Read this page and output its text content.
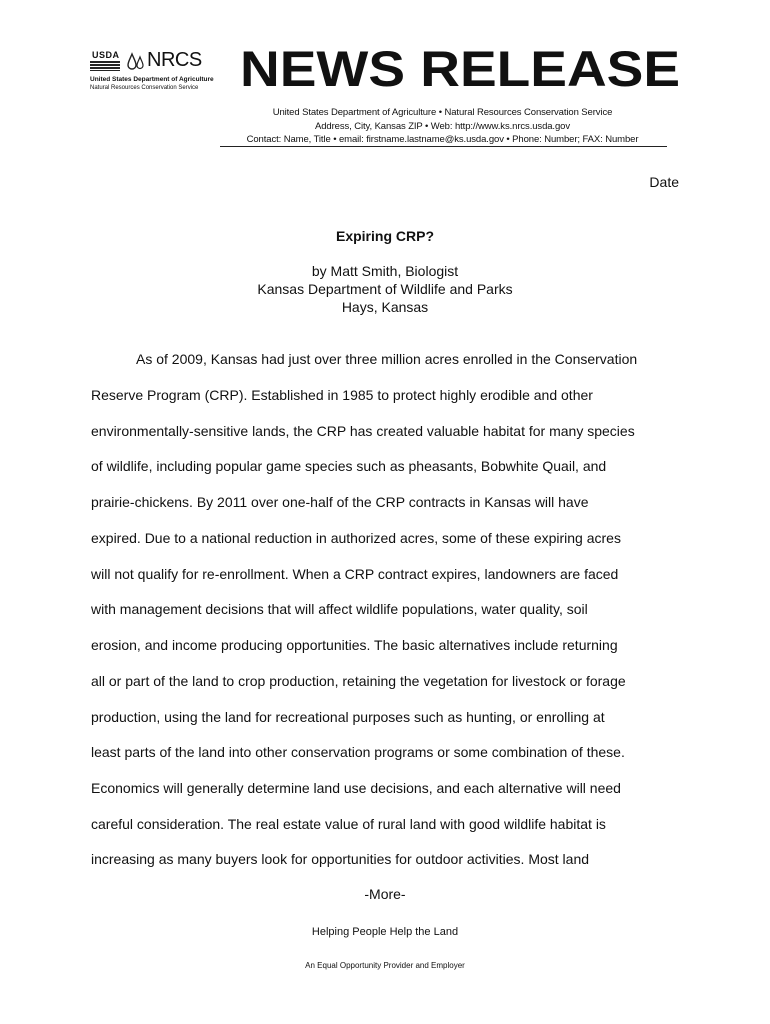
USDA NRCS
United States Department of Agriculture
Natural Resources Conservation Service NEWS RELEASE
United States Department of Agriculture • Natural Resources Conservation Service
Address, City, Kansas ZIP • Web: http://www.ks.nrcs.usda.gov
Contact: Name, Title • email: firstname.lastname@ks.usda.gov • Phone: Number; FAX: Number
Date
Expiring CRP?
by Matt Smith, Biologist
Kansas Department of Wildlife and Parks
Hays, Kansas
As of 2009, Kansas had just over three million acres enrolled in the Conservation
Reserve Program (CRP). Established in 1985 to protect highly erodible and other
environmentally-sensitive lands, the CRP has created valuable habitat for many species
of wildlife, including popular game species such as pheasants, Bobwhite Quail, and
prairie-chickens. By 2011 over one-half of the CRP contracts in Kansas will have
expired. Due to a national reduction in authorized acres, some of these expiring acres
will not qualify for re-enrollment. When a CRP contract expires, landowners are faced
with management decisions that will affect wildlife populations, water quality, soil
erosion, and income producing opportunities. The basic alternatives include returning
all or part of the land to crop production, retaining the vegetation for livestock or forage
production, using the land for recreational purposes such as hunting, or enrolling at
least parts of the land into other conservation programs or some combination of these.
Economics will generally determine land use decisions, and each alternative will need
careful consideration. The real estate value of rural land with good wildlife habitat is
increasing as many buyers look for opportunities for outdoor activities. Most land
-More-
Helping People Help the Land
An Equal Opportunity Provider and Employer
